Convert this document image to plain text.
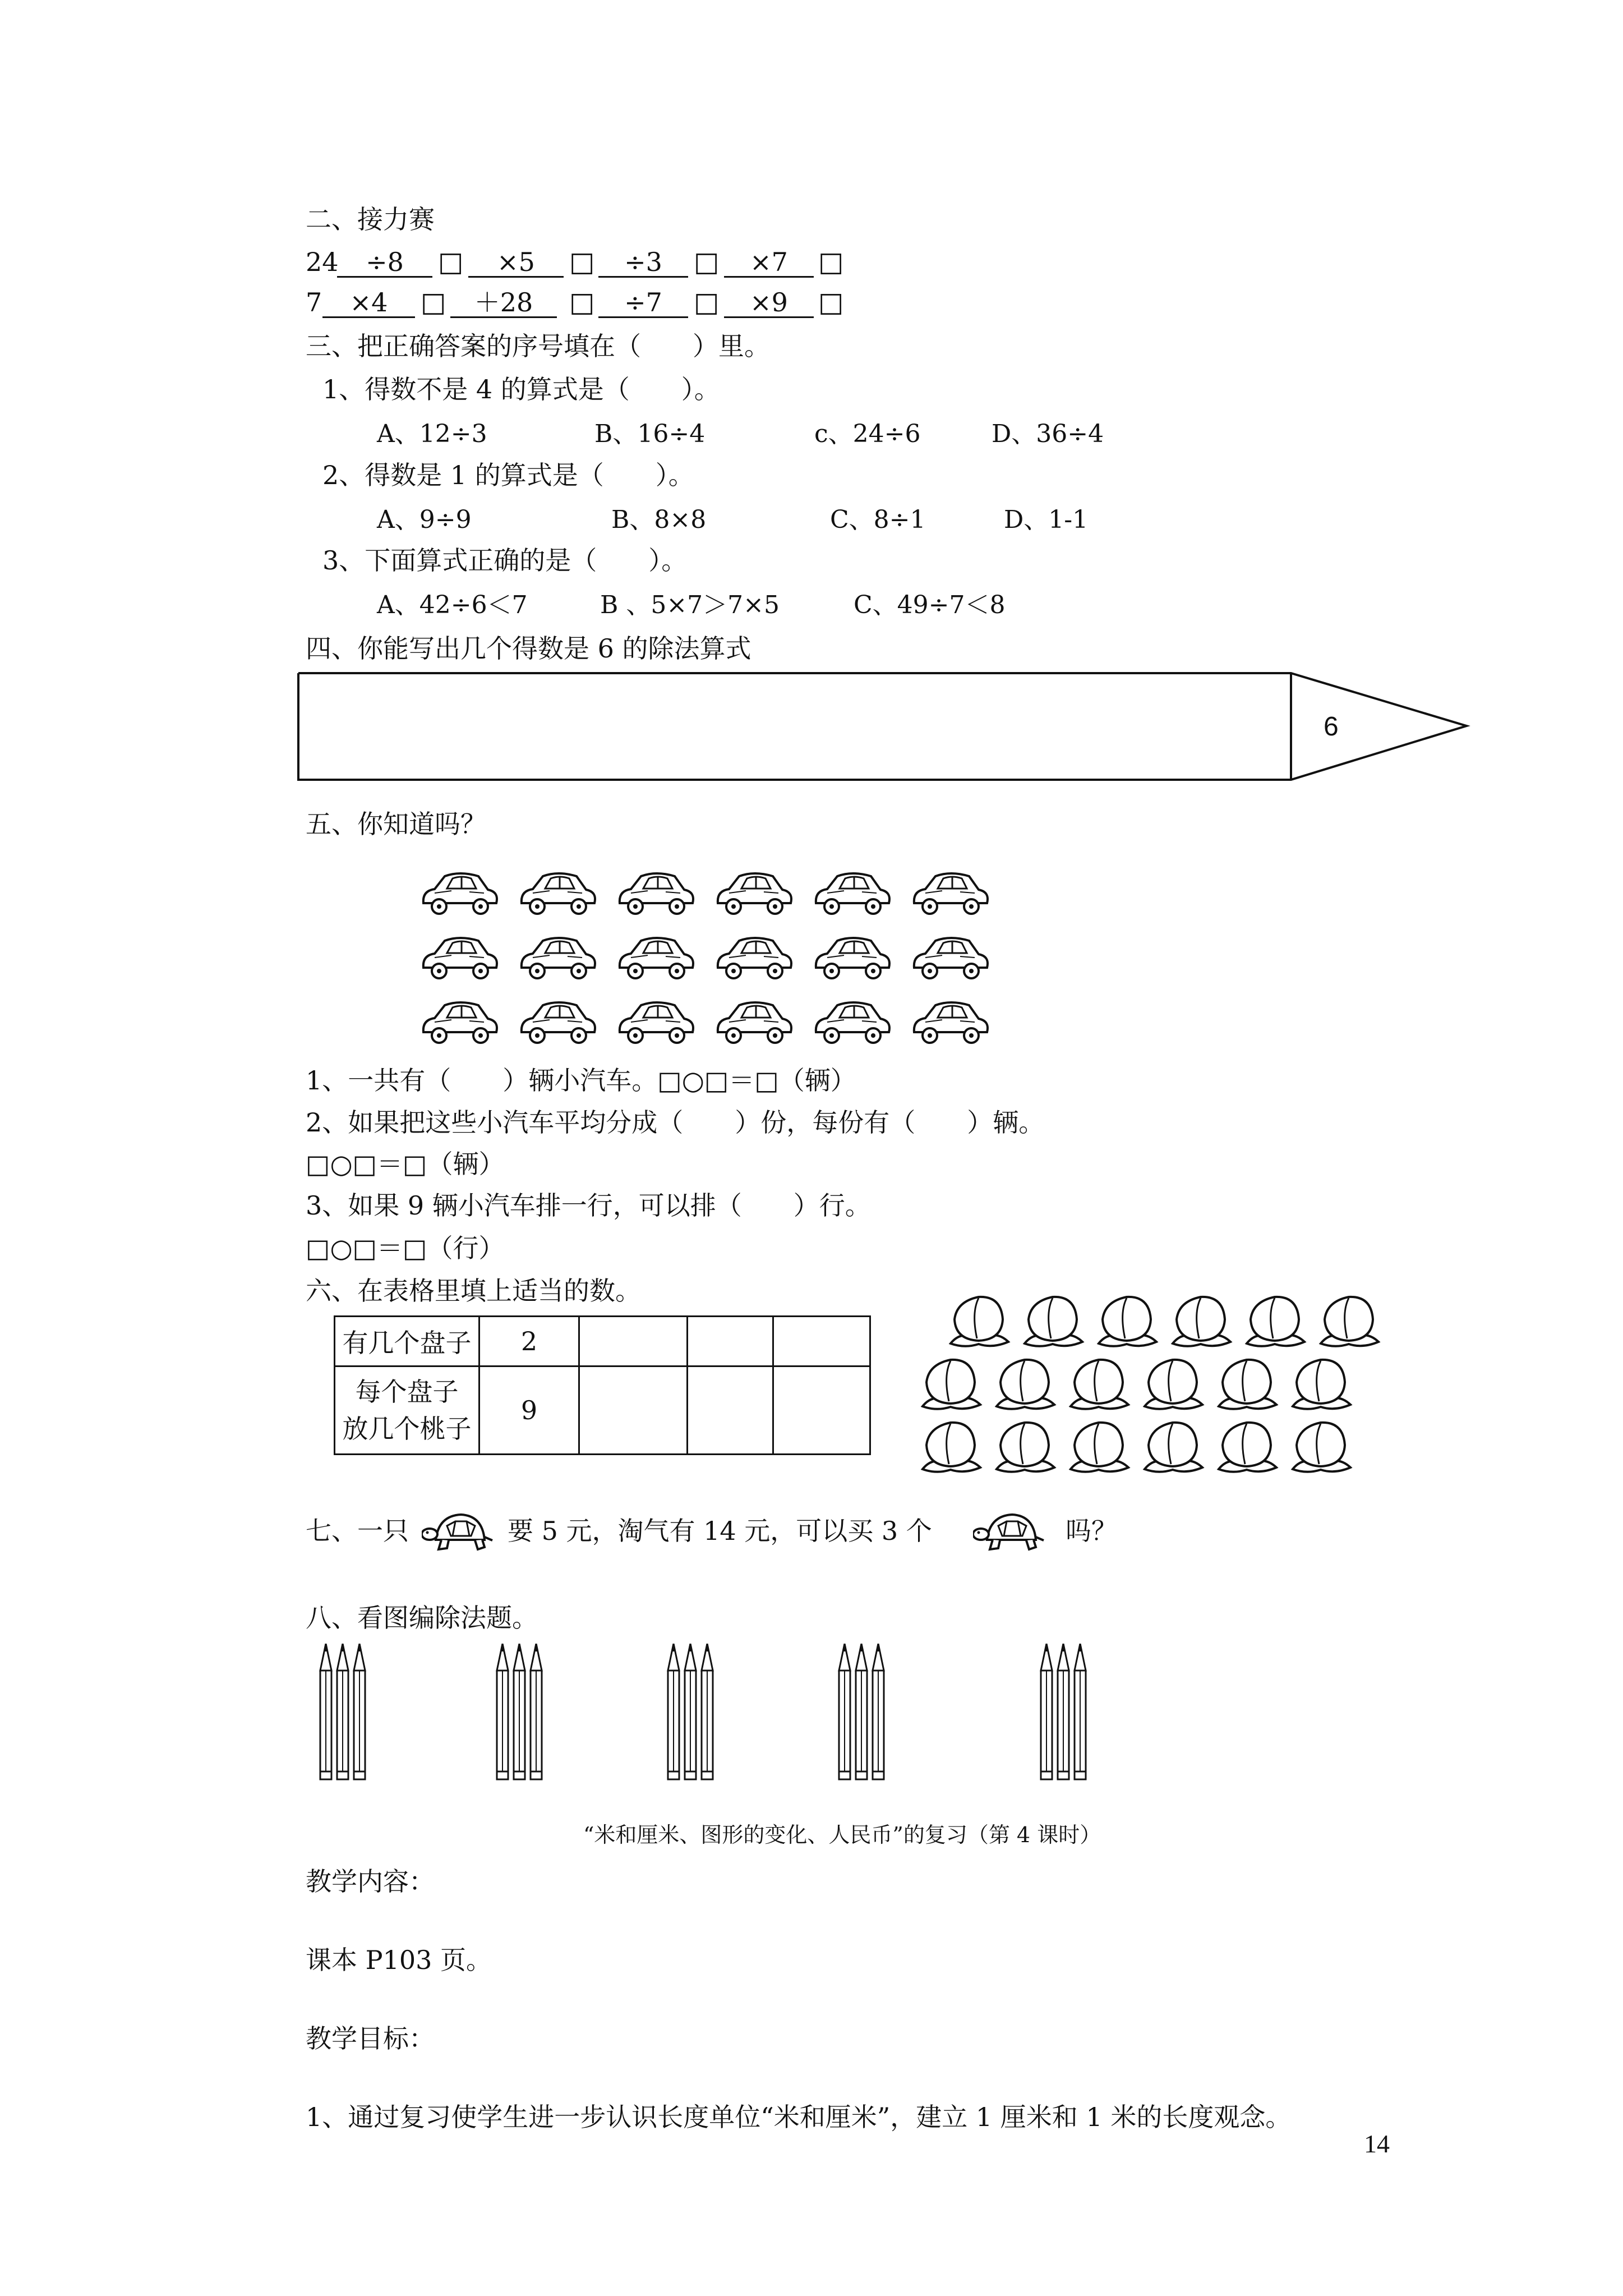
二、接力赛
24	÷8	□	×5	□	÷3	□	×7	□
7	×4	□	＋28	□	÷7	□	×9	□
三、把正确答案的序号填在（　　）里。
1、得数不是 4 的算式是（　　）。
A、12÷3	B、16÷4	c、24÷6	D、36÷4
2、得数是 1 的算式是（　　）。
A、9÷9	B、8×8	C、8÷1	D、1-1
3、下面算式正确的是（　　）。
A、42÷6＜7	B 、5×7＞7×5	C、49÷7＜8
四、你能写出几个得数是 6 的除法算式
6
五、你知道吗？
1、一共有（　　）辆小汽车。□○□＝□（辆）
2、如果把这些小汽车平均分成（　　）份，每份有（　　）辆。
□○□＝□（辆）
3、如果 9 辆小汽车排一行，可以排（　　）行。
□○□＝□（行）
六、在表格里填上适当的数。
有几个盘子	2			

每个盘子
放几个桃子	9			
七、一只	要 5 元，淘气有 14 元，可以买 3 个	吗？
八、看图编除法题。
“米和厘米、图形的变化、人民币”的复习（第 4 课时）
教学内容：
课本 P103 页。
教学目标：
1、通过复习使学生进一步认识长度单位“米和厘米”，建立 1 厘米和 1 米的长度观念。
14
